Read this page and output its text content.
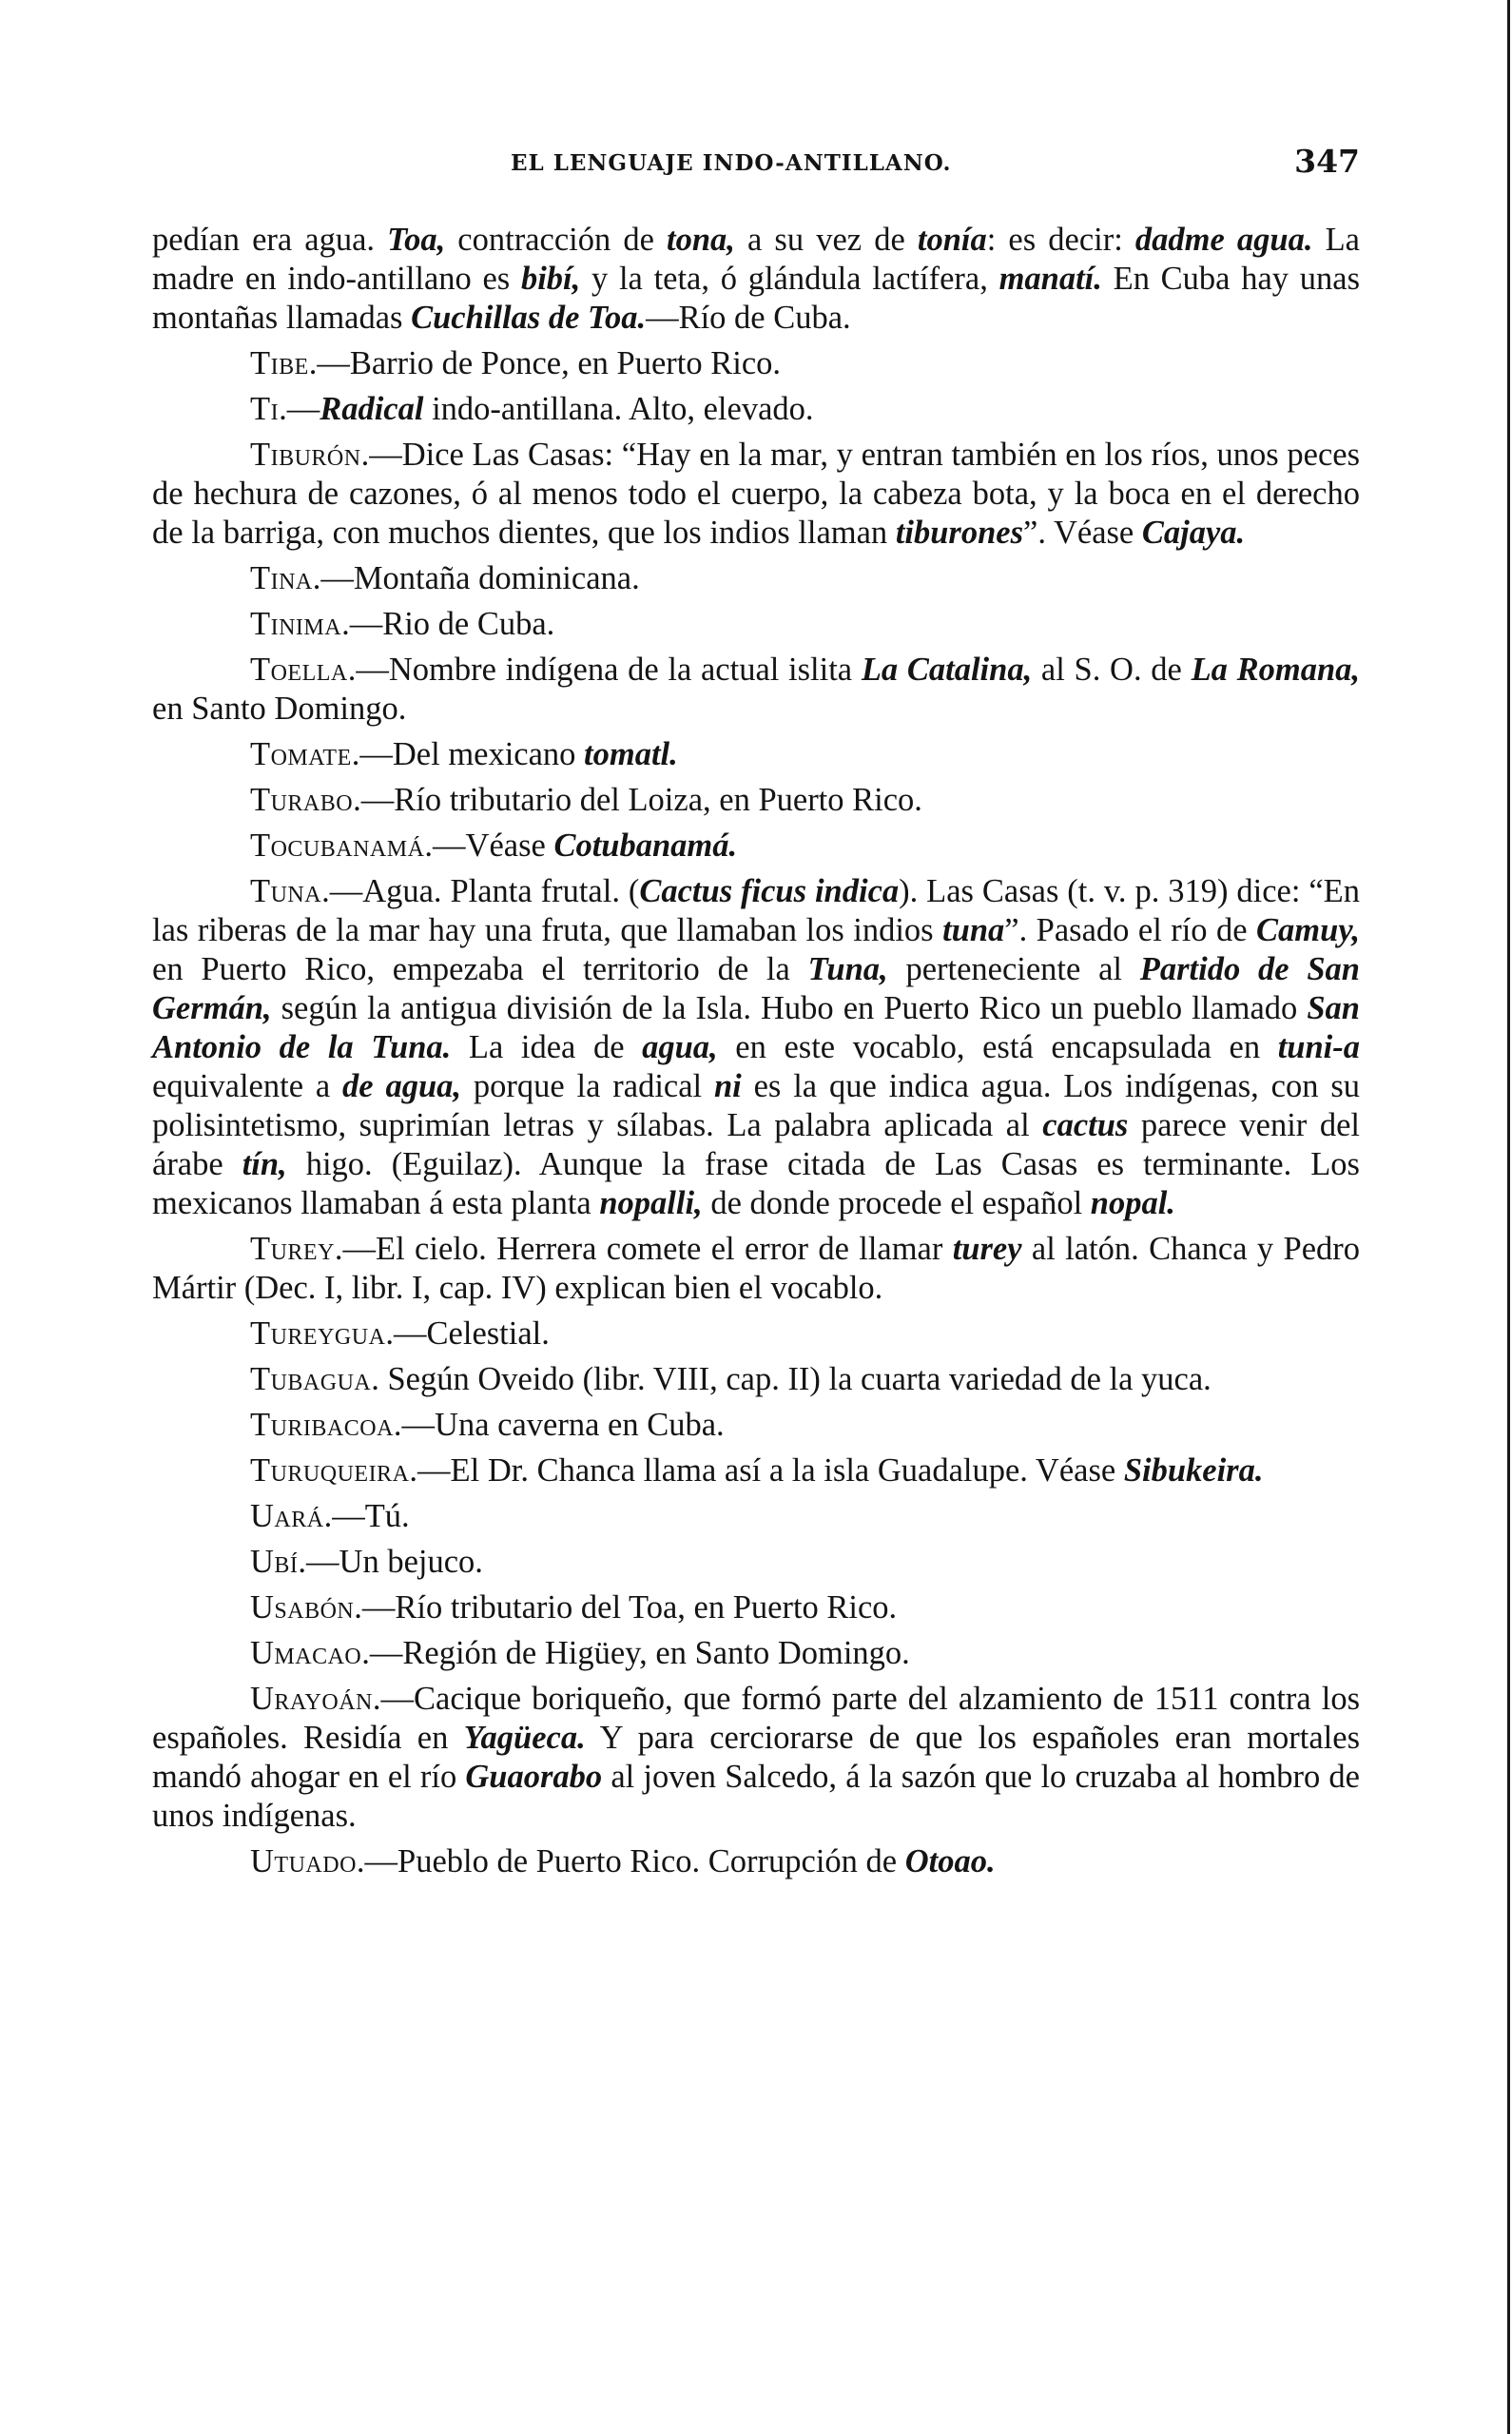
EL LENGUAJE INDO-ANTILLANO.	347

pedían era agua. Toa, contracción de tona, a su vez de tonía: es decir: dadme agua. La madre en indo-antillano es bibí, y la teta, ó glándula lactífera, manatí. En Cuba hay unas montañas llamadas Cuchillas de Toa.—Río de Cuba.

Tibe.—Barrio de Ponce, en Puerto Rico.

Ti.—Radical indo-antillana. Alto, elevado.

Tiburón.—Dice Las Casas: “Hay en la mar, y entran también en los ríos, unos peces de hechura de cazones, ó al menos todo el cuerpo, la cabeza bota, y la boca en el derecho de la barriga, con muchos dientes, que los indios llaman tiburones”. Véase Cajaya.

Tina.—Montaña dominicana.

Tinima.—Rio de Cuba.

Toella.—Nombre indígena de la actual islita La Catalina, al S. O. de La Romana, en Santo Domingo.

Tomate.—Del mexicano tomatl.

Turabo.—Río tributario del Loiza, en Puerto Rico.

Tocubanamá.—Véase Cotubanamá.

Tuna.—Agua. Planta frutal. (Cactus ficus indica). Las Casas (t. v. p. 319) dice: “En las riberas de la mar hay una fruta, que llamaban los indios tuna”. Pasado el río de Camuy, en Puerto Rico, empezaba el territorio de la Tuna, perteneciente al Partido de San Germán, según la antigua división de la Isla. Hubo en Puerto Rico un pueblo llamado San Antonio de la Tuna. La idea de agua, en este vocablo, está encapsulada en tuni-a equivalente a de agua, porque la radical ni es la que indica agua. Los indígenas, con su polisintetismo, suprimían letras y sílabas. La palabra aplicada al cactus parece venir del árabe tín, higo. (Eguilaz). Aunque la frase citada de Las Casas es terminante. Los mexicanos llamaban á esta planta nopalli, de donde procede el español nopal.

Turey.—El cielo. Herrera comete el error de llamar turey al latón. Chanca y Pedro Mártir (Dec. I, libr. I, cap. IV) explican bien el vocablo.

Tureygua.—Celestial.

Tubagua. Según Oveido (libr. VIII, cap. II) la cuarta variedad de la yuca.

Turibacoa.—Una caverna en Cuba.

Turuqueira.—El Dr. Chanca llama así a la isla Guadalupe. Véase Sibukeira.

Uará.—Tú.

Ubí.—Un bejuco.

Usabón.—Río tributario del Toa, en Puerto Rico.

Umacao.—Región de Higüey, en Santo Domingo.

Urayoán.—Cacique boriqueño, que formó parte del alzamiento de 1511 contra los españoles. Residía en Yagüeca. Y para cerciorarse de que los españoles eran mortales mandó ahogar en el río Guaorabo al joven Salcedo, á la sazón que lo cruzaba al hombro de unos indígenas.

Utuado.—Pueblo de Puerto Rico. Corrupción de Otoao.
